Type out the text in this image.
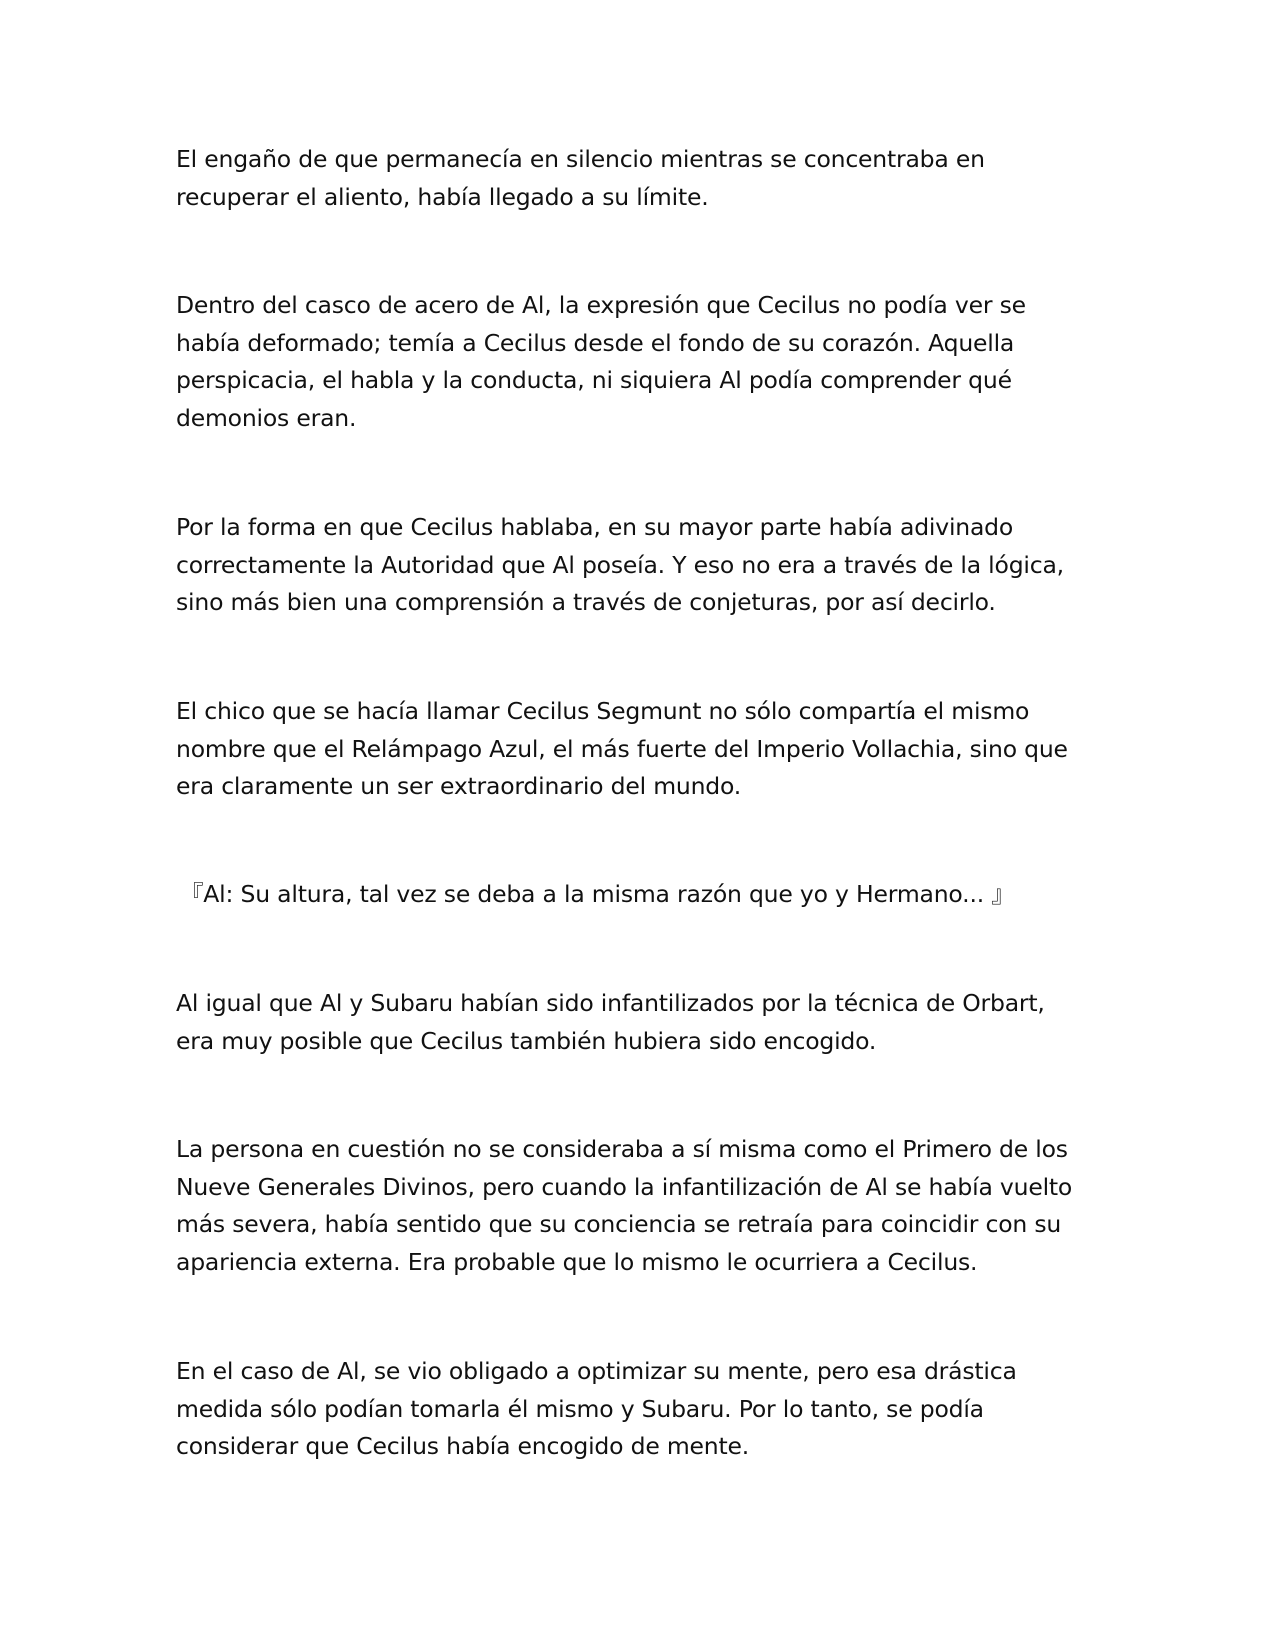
El engaño de que permanecía en silencio mientras se concentraba en
recuperar el aliento, había llegado a su límite.

Dentro del casco de acero de Al, la expresión que Cecilus no podía ver se
había deformado; temía a Cecilus desde el fondo de su corazón. Aquella
perspicacia, el habla y la conducta, ni siquiera Al podía comprender qué
demonios eran.

Por la forma en que Cecilus hablaba, en su mayor parte había adivinado
correctamente la Autoridad que Al poseía. Y eso no era a través de la lógica,
sino más bien una comprensión a través de conjeturas, por así decirlo.

El chico que se hacía llamar Cecilus Segmunt no sólo compartía el mismo
nombre que el Relámpago Azul, el más fuerte del Imperio Vollachia, sino que
era claramente un ser extraordinario del mundo.

『Al: Su altura, tal vez se deba a la misma razón que yo y Hermano... 』

Al igual que Al y Subaru habían sido infantilizados por la técnica de Orbart,
era muy posible que Cecilus también hubiera sido encogido.

La persona en cuestión no se consideraba a sí misma como el Primero de los
Nueve Generales Divinos, pero cuando la infantilización de Al se había vuelto
más severa, había sentido que su conciencia se retraía para coincidir con su
apariencia externa. Era probable que lo mismo le ocurriera a Cecilus.

En el caso de Al, se vio obligado a optimizar su mente, pero esa drástica
medida sólo podían tomarla él mismo y Subaru. Por lo tanto, se podía
considerar que Cecilus había encogido de mente.
